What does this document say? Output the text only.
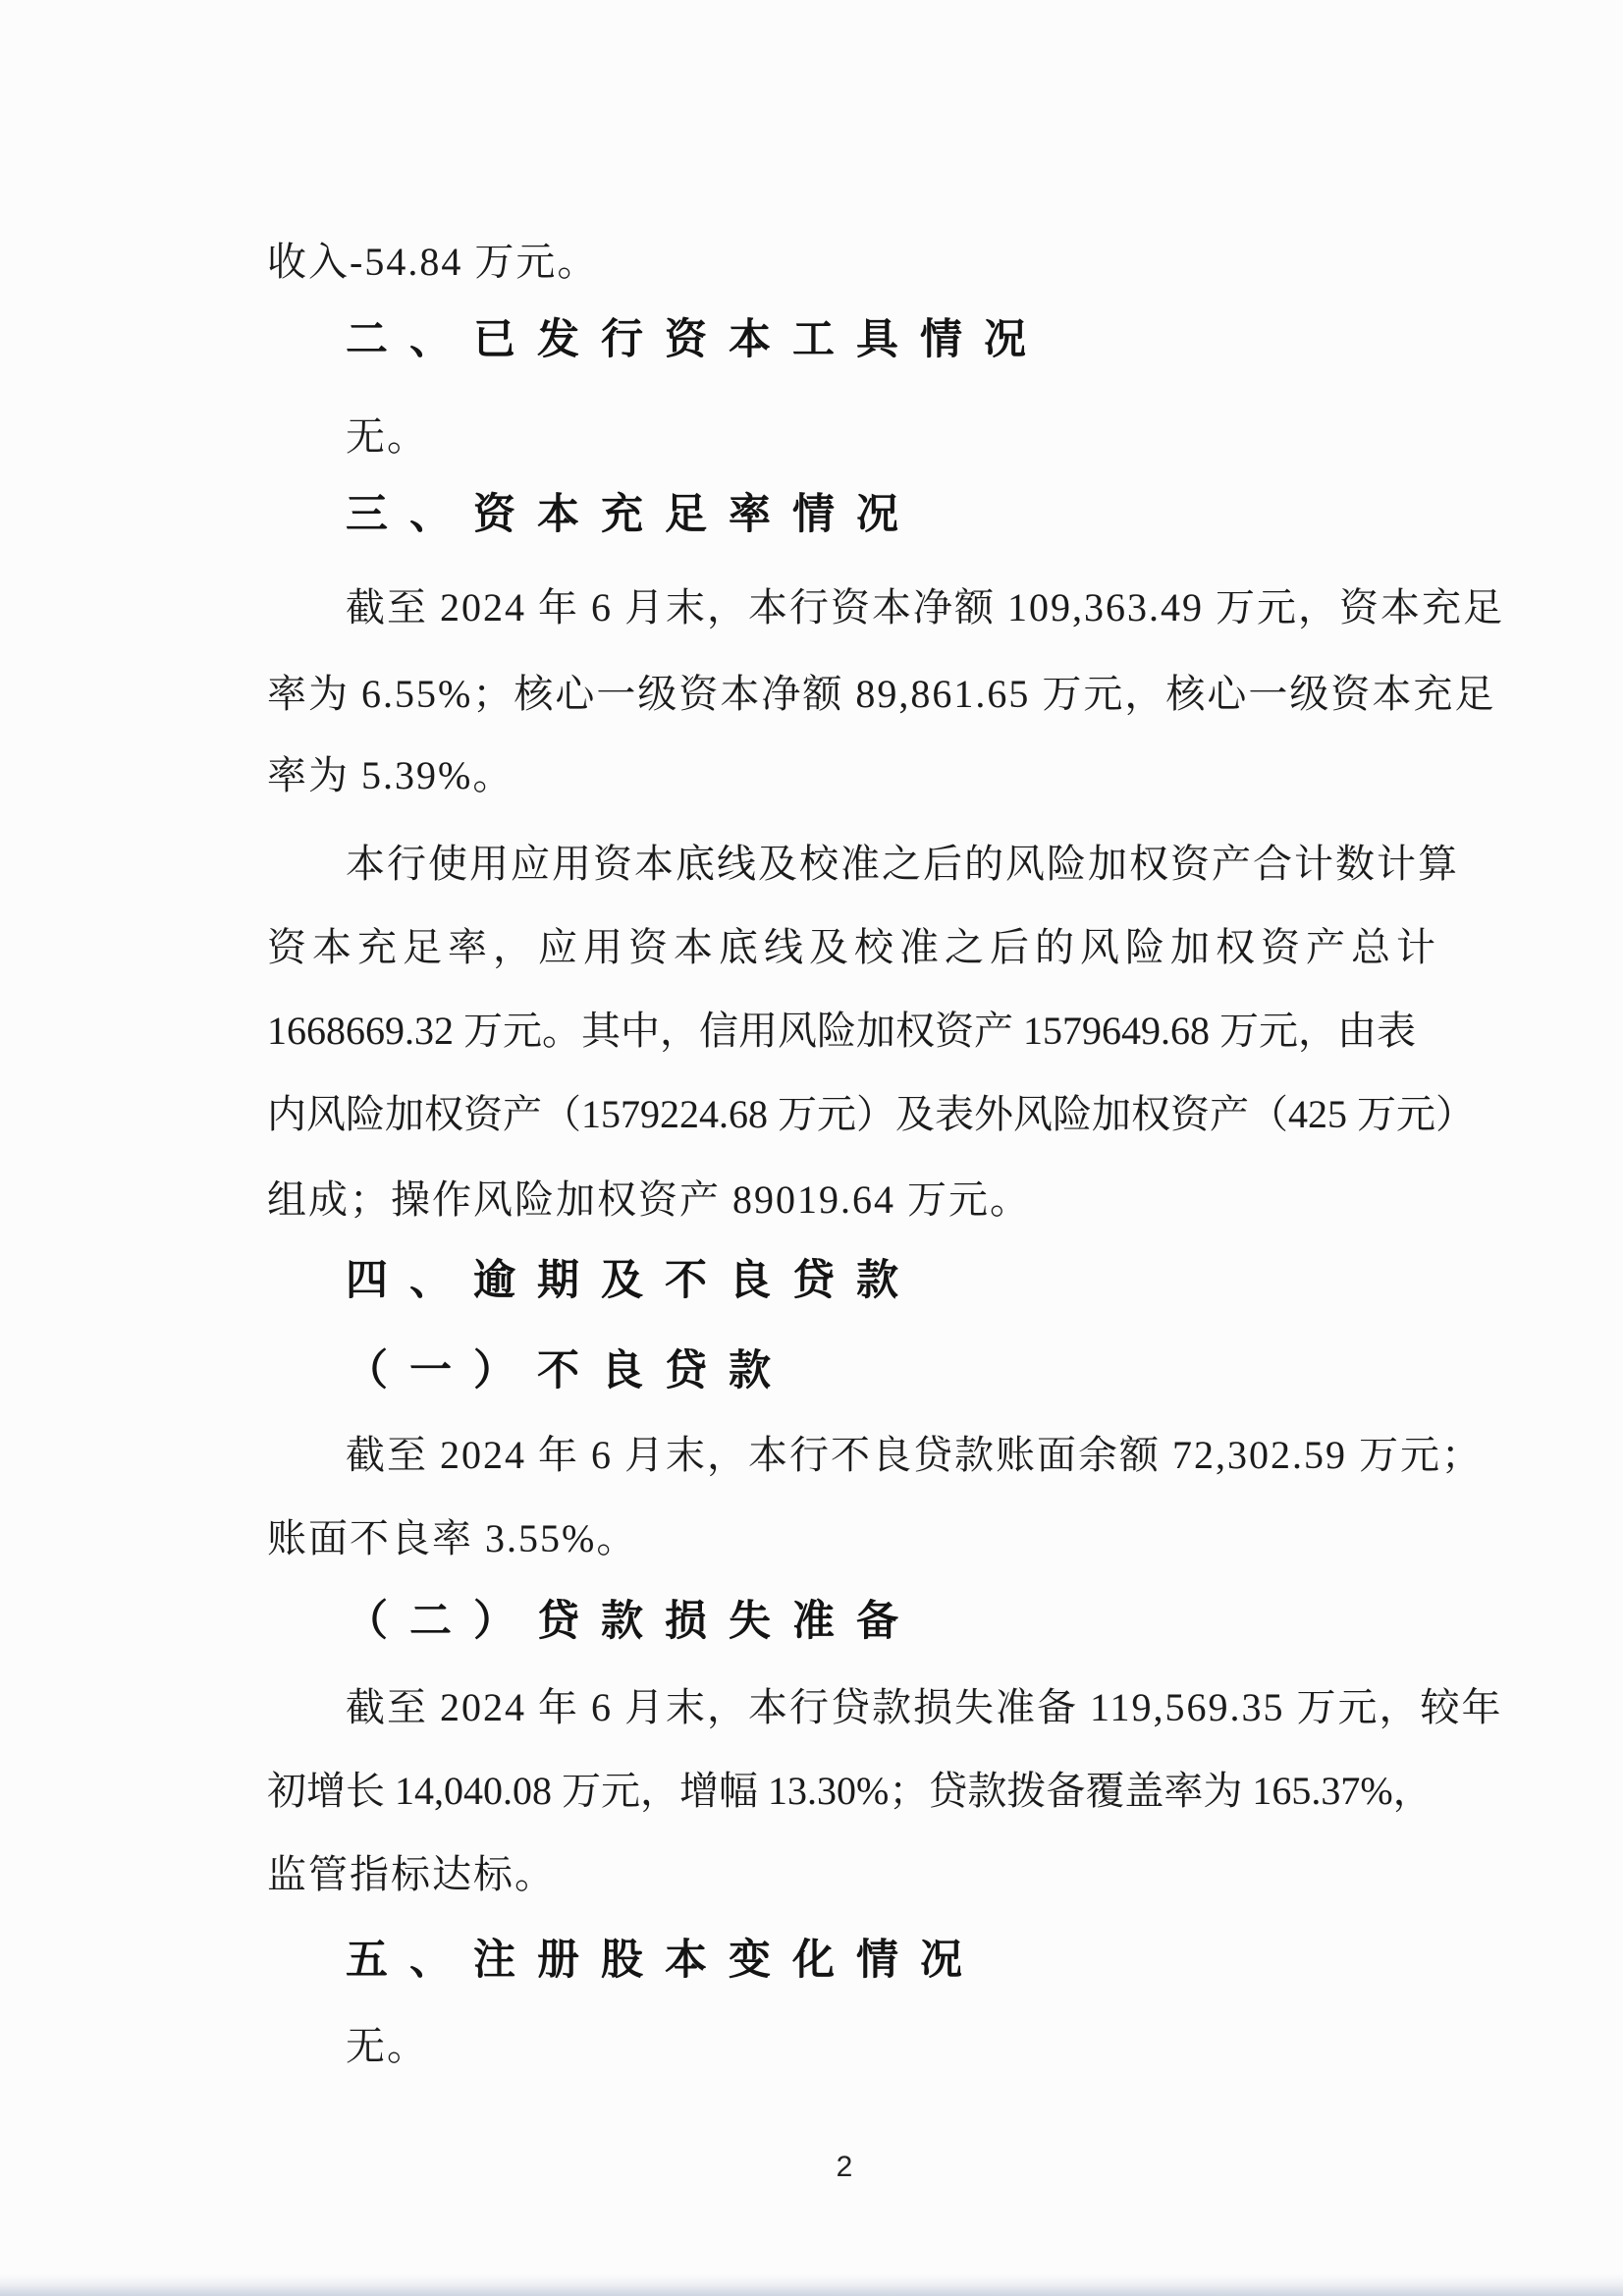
收入-54.84 万元。
二、已发行资本工具情况
无。
三、资本充足率情况
截至 2024 年 6 月末，本行资本净额 109,363.49 万元，资本充足
率为 6.55%；核心一级资本净额 89,861.65 万元，核心一级资本充足
率为 5.39%。
本行使用应用资本底线及校准之后的风险加权资产合计数计算
资本充足率，应用资本底线及校准之后的风险加权资产总计
1668669.32 万元。其中，信用风险加权资产 1579649.68 万元，由表
内风险加权资产（1579224.68 万元）及表外风险加权资产（425 万元）
组成；操作风险加权资产 89019.64 万元。
四、逾期及不良贷款
（一）不良贷款
截至 2024 年 6 月末，本行不良贷款账面余额 72,302.59 万元；
账面不良率 3.55%。
（二）贷款损失准备
截至 2024 年 6 月末，本行贷款损失准备 119,569.35 万元，较年
初增长 14,040.08 万元，增幅 13.30%；贷款拨备覆盖率为 165.37%，
监管指标达标。
五、注册股本变化情况
无。
2
